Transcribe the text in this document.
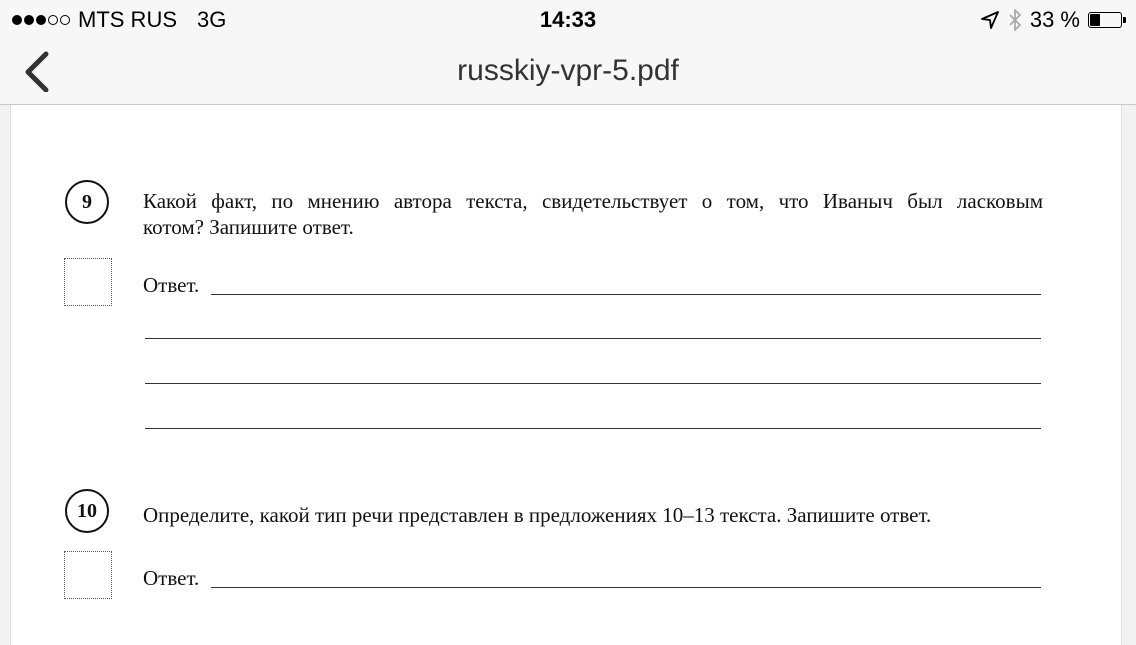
MTS RUS 3G	14:33	33 %
russkiy-vpr-5.pdf
9	Какой факт, по мнению автора текста, свидетельствует о том, что Иваныч был ласковым
котом? Запишите ответ.
Ответ.
10	Определите, какой тип речи представлен в предложениях 10–13 текста. Запишите ответ.
Ответ.
